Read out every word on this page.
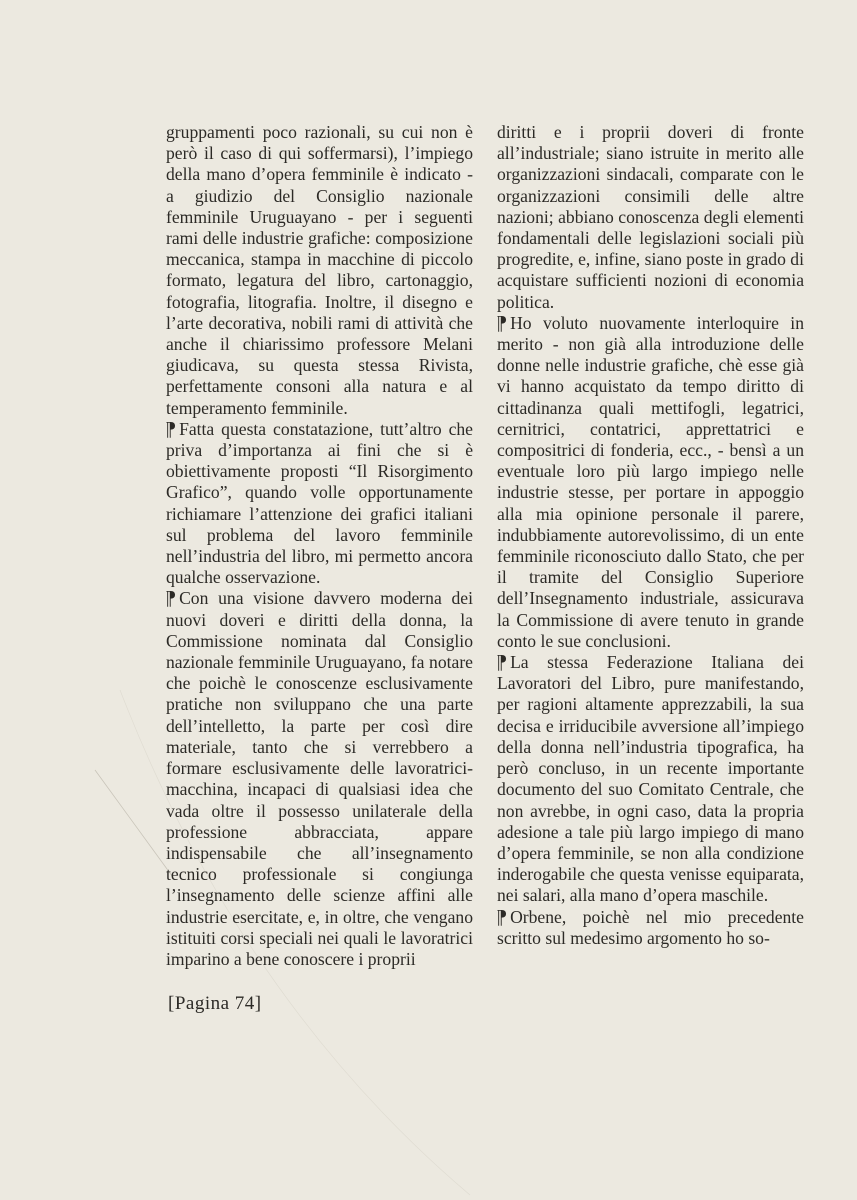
gruppamenti poco razionali, su cui non è però il caso di qui soffermarsi), l’impiego della mano d’opera femminile è indicato - a giudizio del Consiglio nazionale femminile Uruguayano - per i seguenti rami delle industrie grafiche: composizione meccanica, stampa in macchine di piccolo formato, legatura del libro, cartonaggio, fotografia, litografia. Inoltre, il disegno e l’arte decorativa, nobili rami di attività che anche il chiarissimo professore Melani giudicava, su questa stessa Rivista, perfettamente consoni alla natura e al temperamento femminile.

¶ Fatta questa constatazione, tutt’altro che priva d’importanza ai fini che si è obiettivamente proposti “Il Risorgimento Grafico”, quando volle opportunamente richiamare l’attenzione dei grafici italiani sul problema del lavoro femminile nell’industria del libro, mi permetto ancora qualche osservazione.

¶ Con una visione davvero moderna dei nuovi doveri e diritti della donna, la Commissione nominata dal Consiglio nazionale femminile Uruguayano, fa notare che poichè le conoscenze esclusivamente pratiche non sviluppano che una parte dell’intelletto, la parte per così dire materiale, tanto che si verrebbero a formare esclusivamente delle lavoratrici-macchina, incapaci di qualsiasi idea che vada oltre il possesso unilaterale della professione abbracciata, appare indispensabile che all’insegnamento tecnico professionale si congiunga l’insegnamento delle scienze affini alle industrie esercitate, e, in oltre, che vengano istituiti corsi speciali nei quali le lavoratrici imparino a bene conoscere i proprii

diritti e i proprii doveri di fronte all’industriale; siano istruite in merito alle organizzazioni sindacali, comparate con le organizzazioni consimili delle altre nazioni; abbiano conoscenza degli elementi fondamentali delle legislazioni sociali più progredite, e, infine, siano poste in grado di acquistare sufficienti nozioni di economia politica.

¶ Ho voluto nuovamente interloquire in merito - non già alla introduzione delle donne nelle industrie grafiche, chè esse già vi hanno acquistato da tempo diritto di cittadinanza quali mettifogli, legatrici, cernitrici, contatrici, apprettatrici e compositrici di fonderia, ecc., - bensì a un eventuale loro più largo impiego nelle industrie stesse, per portare in appoggio alla mia opinione personale il parere, indubbiamente autorevolissimo, di un ente femminile riconosciuto dallo Stato, che per il tramite del Consiglio Superiore dell’Insegnamento industriale, assicurava la Commissione di avere tenuto in grande conto le sue conclusioni.

¶ La stessa Federazione Italiana dei Lavoratori del Libro, pure manifestando, per ragioni altamente apprezzabili, la sua decisa e irriducibile avversione all’impiego della donna nell’industria tipografica, ha però concluso, in un recente importante documento del suo Comitato Centrale, che non avrebbe, in ogni caso, data la propria adesione a tale più largo impiego di mano d’opera femminile, se non alla condizione inderogabile che questa venisse equiparata, nei salari, alla mano d’opera maschile.

¶ Orbene, poichè nel mio precedente scritto sul medesimo argomento ho so-

[Pagina 74]
